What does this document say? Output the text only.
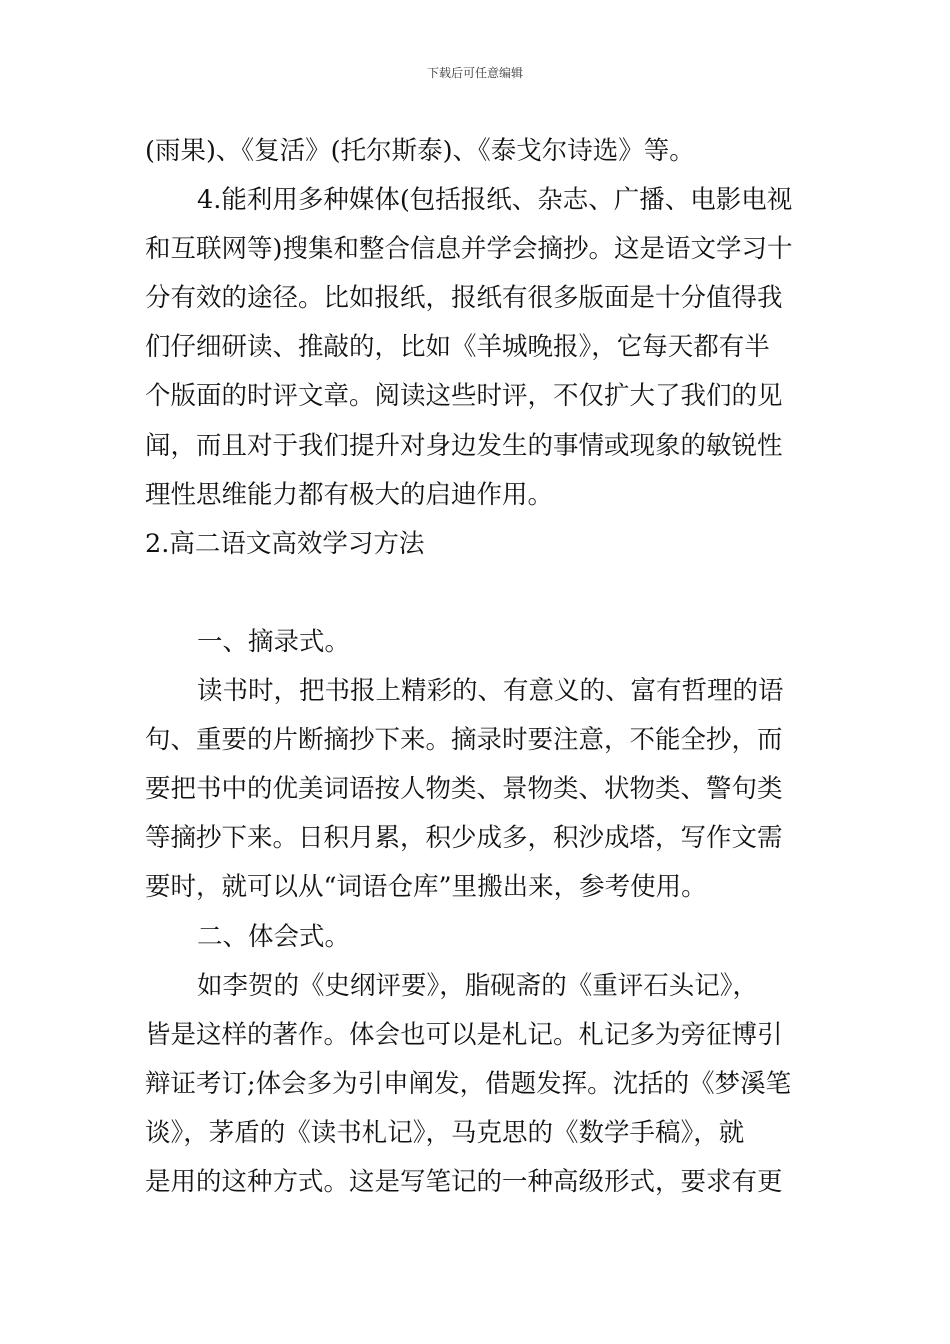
下载后可任意编辑
(雨果)、《复活》(托尔斯泰)、《泰戈尔诗选》等。
4.能利用多种媒体(包括报纸、杂志、广播、电影电视
和互联网等)搜集和整合信息并学会摘抄。这是语文学习十
分有效的途径。比如报纸，报纸有很多版面是十分值得我
们仔细研读、推敲的，比如《羊城晚报》，它每天都有半
个版面的时评文章。阅读这些时评，不仅扩大了我们的见
闻，而且对于我们提升对身边发生的事情或现象的敏锐性
理性思维能力都有极大的启迪作用。
2.高二语文高效学习方法
一、摘录式。
读书时，把书报上精彩的、有意义的、富有哲理的语
句、重要的片断摘抄下来。摘录时要注意，不能全抄，而
要把书中的优美词语按人物类、景物类、状物类、警句类
等摘抄下来。日积月累，积少成多，积沙成塔，写作文需
要时，就可以从“词语仓库”里搬出来，参考使用。
二、体会式。
如李贺的《史纲评要》，脂砚斋的《重评石头记》，
皆是这样的著作。体会也可以是札记。札记多为旁征博引
辩证考订;体会多为引申阐发，借题发挥。沈括的《梦溪笔
谈》，茅盾的《读书札记》，马克思的《数学手稿》，就
是用的这种方式。这是写笔记的一种高级形式，要求有更
